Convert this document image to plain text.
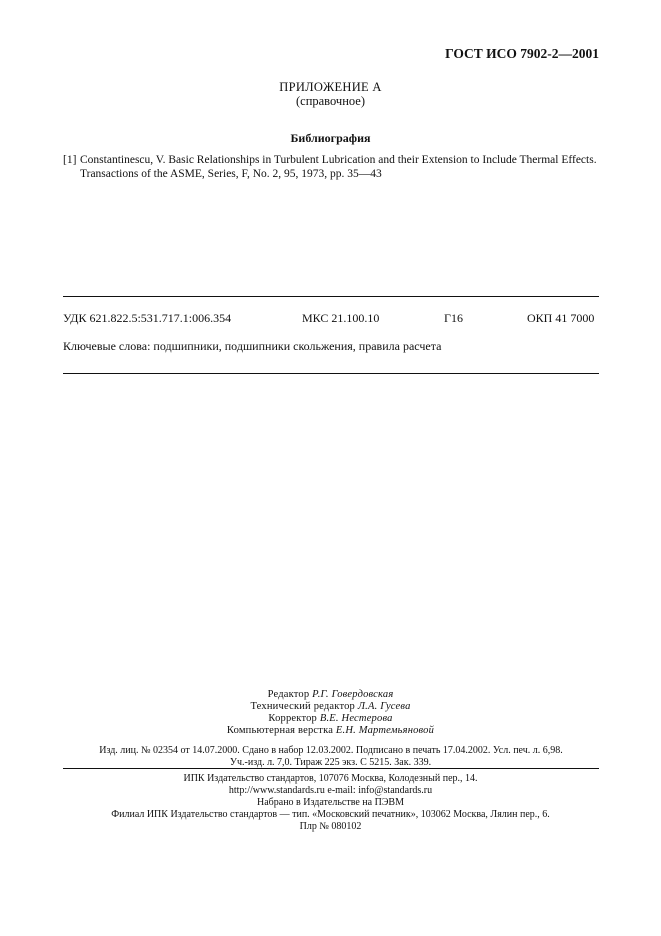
ГОСТ ИСО 7902-2—2001
ПРИЛОЖЕНИЕ А
(справочное)
Библиография
[1] Constantinescu, V. Basic Relationships in Turbulent Lubrication and their Extension to Include Thermal Effects. Transactions of the ASME, Series, F, No. 2, 95, 1973, pp. 35—43
УДК 621.822.5:531.717.1:006.354	МКС 21.100.10	Г16	ОКП 41 7000
Ключевые слова: подшипники, подшипники скольжения, правила расчета
Редактор Р.Г. Говердовская
Технический редактор Л.А. Гусева
Корректор В.Е. Нестерова
Компьютерная верстка Е.Н. Мартемьяновой
Изд. лиц. № 02354 от 14.07.2000. Сдано в набор 12.03.2002. Подписано в печать 17.04.2002. Усл. печ. л. 6,98.
Уч.-изд. л. 7,0. Тираж 225 экз. С 5215. Зак. 339.
ИПК Издательство стандартов, 107076 Москва, Колодезный пер., 14.
http://www.standards.ru e-mail: info@standards.ru
Набрано в Издательстве на ПЭВМ
Филиал ИПК Издательство стандартов — тип. «Московский печатник», 103062 Москва, Лялин пер., 6.
Плр № 080102
